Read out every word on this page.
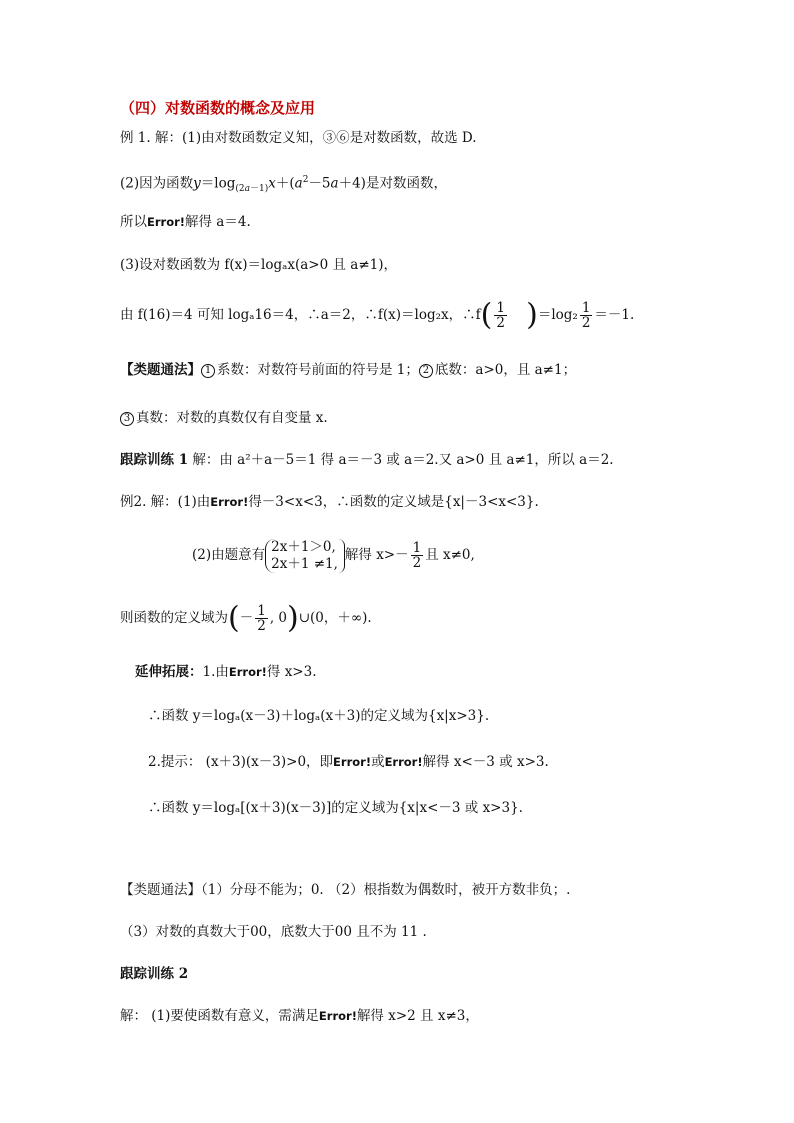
（四）对数函数的概念及应用
例 1. 解：(1)由对数函数定义知，③⑥是对数函数，故选 D.
(2)因为函数$y=\log_{(2a-1)}x+(a^2-5a+4)$是对数函数，
所以Error!解得 a＝4.
(3)设对数函数为 f(x)＝logₐx(a>0 且 a≠1)，
由 f(16)＝4 可知 logₐ16＝4，∴a＝2，∴f(x)＝log₂x，∴f( $\frac{1}{2} )=\log_2 \frac{1}{2} =-1$.
【类题通法】 1 系数：对数符号前面的符号是 1； 2 底数：a>0，且 a≠1；
3 真数：对数的真数仅有自变量 x.
跟踪训练 1 解：由 a²＋a－5＝1 得 a＝－3 或 a＝2.又 a>0 且 a≠1，所以 a＝2.
例2. 解：(1)由Error!得－3<x<3，∴函数的定义域是{x|－3<x<3}.
(2)由题意有
2x＋1＞0,
2x＋1 ≠1,
解得 $x>- \frac{1}{2}$ 且 x≠0,
则函数的定义域为(－ $\frac{1}{2}$ , 0)∪(0，＋∞).
延伸拓展：1.由Error!得 x>3.
∴函数 y＝logₐ(x－3)＋logₐ(x＋3)的定义域为{x|x>3}.
2.提示： (x＋3)(x－3)>0，即Error!或Error!解得 x<－3 或 x>3.
∴函数 y＝logₐ[(x＋3)(x－3)]的定义域为{x|x<－3 或 x>3}.
【类题通法】（1）分母不能为；0. （2）根指数为偶数时，被开方数非负；.
（3）对数的真数大于00，底数大于00 且不为 11 .
跟踪训练 2
解： (1)要使函数有意义，需满足Error!解得 x>2 且 x≠3，
